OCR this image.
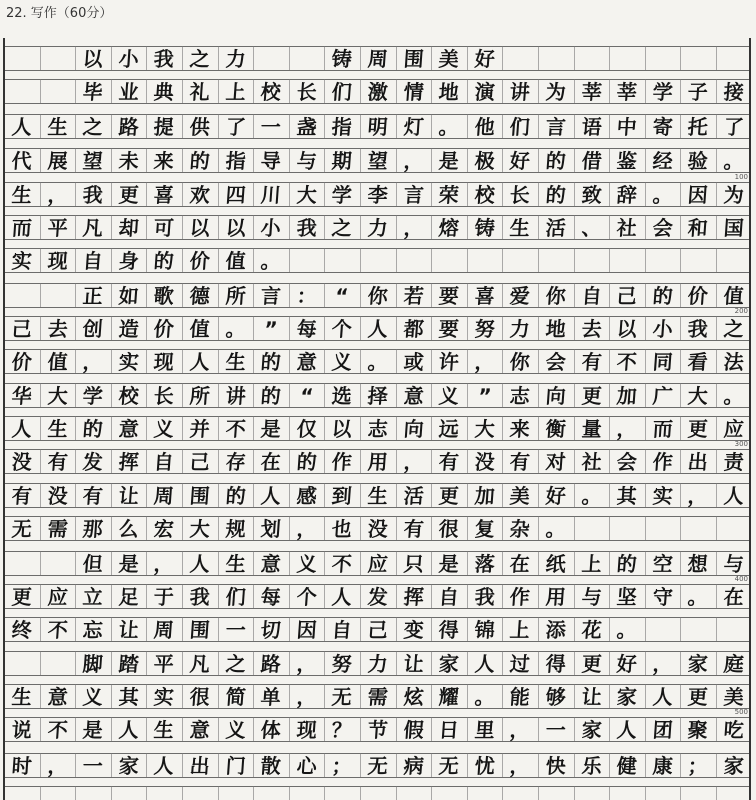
22. 写作（60分）
以 小 我 之 力	铸 周 围 美 好
毕 业 典 礼 上 校 长 们 激 情 地 演 讲 为 莘 莘 学 子 接
人 生 之 路 提 供 了 一 盏 指 明 灯 。 他 们 言 语 中 寄 托 了
代 展 望 未 来 的 指 导 与 期 望 ， 是 极 好 的 借 鉴 经 验 。
生 ， 我 更 喜 欢 四 川 大 学 李 言 荣 校 长 的 致 辞 。 因 为
而 平 凡 却 可 以 以 小 我 之 力 ， 熔 铸 生 活 、 社 会 和 国
实 现 自 身 的 价 值 。
正 如 歌 德 所 言 ： “ 你 若 要 喜 爱 你 自 己 的 价 值
己 去 创 造 价 值 。 ” 每 个 人 都 要 努 力 地 去 以 小 我 之
价 值 ， 实 现 人 生 的 意 义 。 或 许 ， 你 会 有 不 同 看 法
华 大 学 校 长 所 讲 的 “ 选 择 意 义 ” 志 向 更 加 广 大 。
人 生 的 意 义 并 不 是 仅 以 志 向 远 大 来 衡 量 ， 而 更 应
没 有 发 挥 自 己 存 在 的 作 用 ， 有 没 有 对 社 会 作 出 责
有 没 有 让 周 围 的 人 感 到 生 活 更 加 美 好 。 其 实 ， 人
无 需 那 么 宏 大 规 划 ， 也 没 有 很 复 杂 。
但 是 ， 人 生 意 义 不 应 只 是 落 在 纸 上 的 空 想 与
更 应 立 足 于 我 们 每 个 人 发 挥 自 我 作 用 与 坚 守 。 在
终 不 忘 让 周 围 一 切 因 自 己 变 得 锦 上 添 花 。
脚 踏 平 凡 之 路 ， 努 力 让 家 人 过 得 更 好 ， 家 庭
生 意 义 其 实 很 简 单 ， 无 需 炫 耀 。 能 够 让 家 人 更 美
说 不 是 人 生 意 义 体 现 ？ 节 假 日 里 ， 一 家 人 团 聚 吃
时 ， 一 家 人 出 门 散 心 ； 无 病 无 忧 ， 快 乐 健 康 ； 家
100
200
300
400
500
